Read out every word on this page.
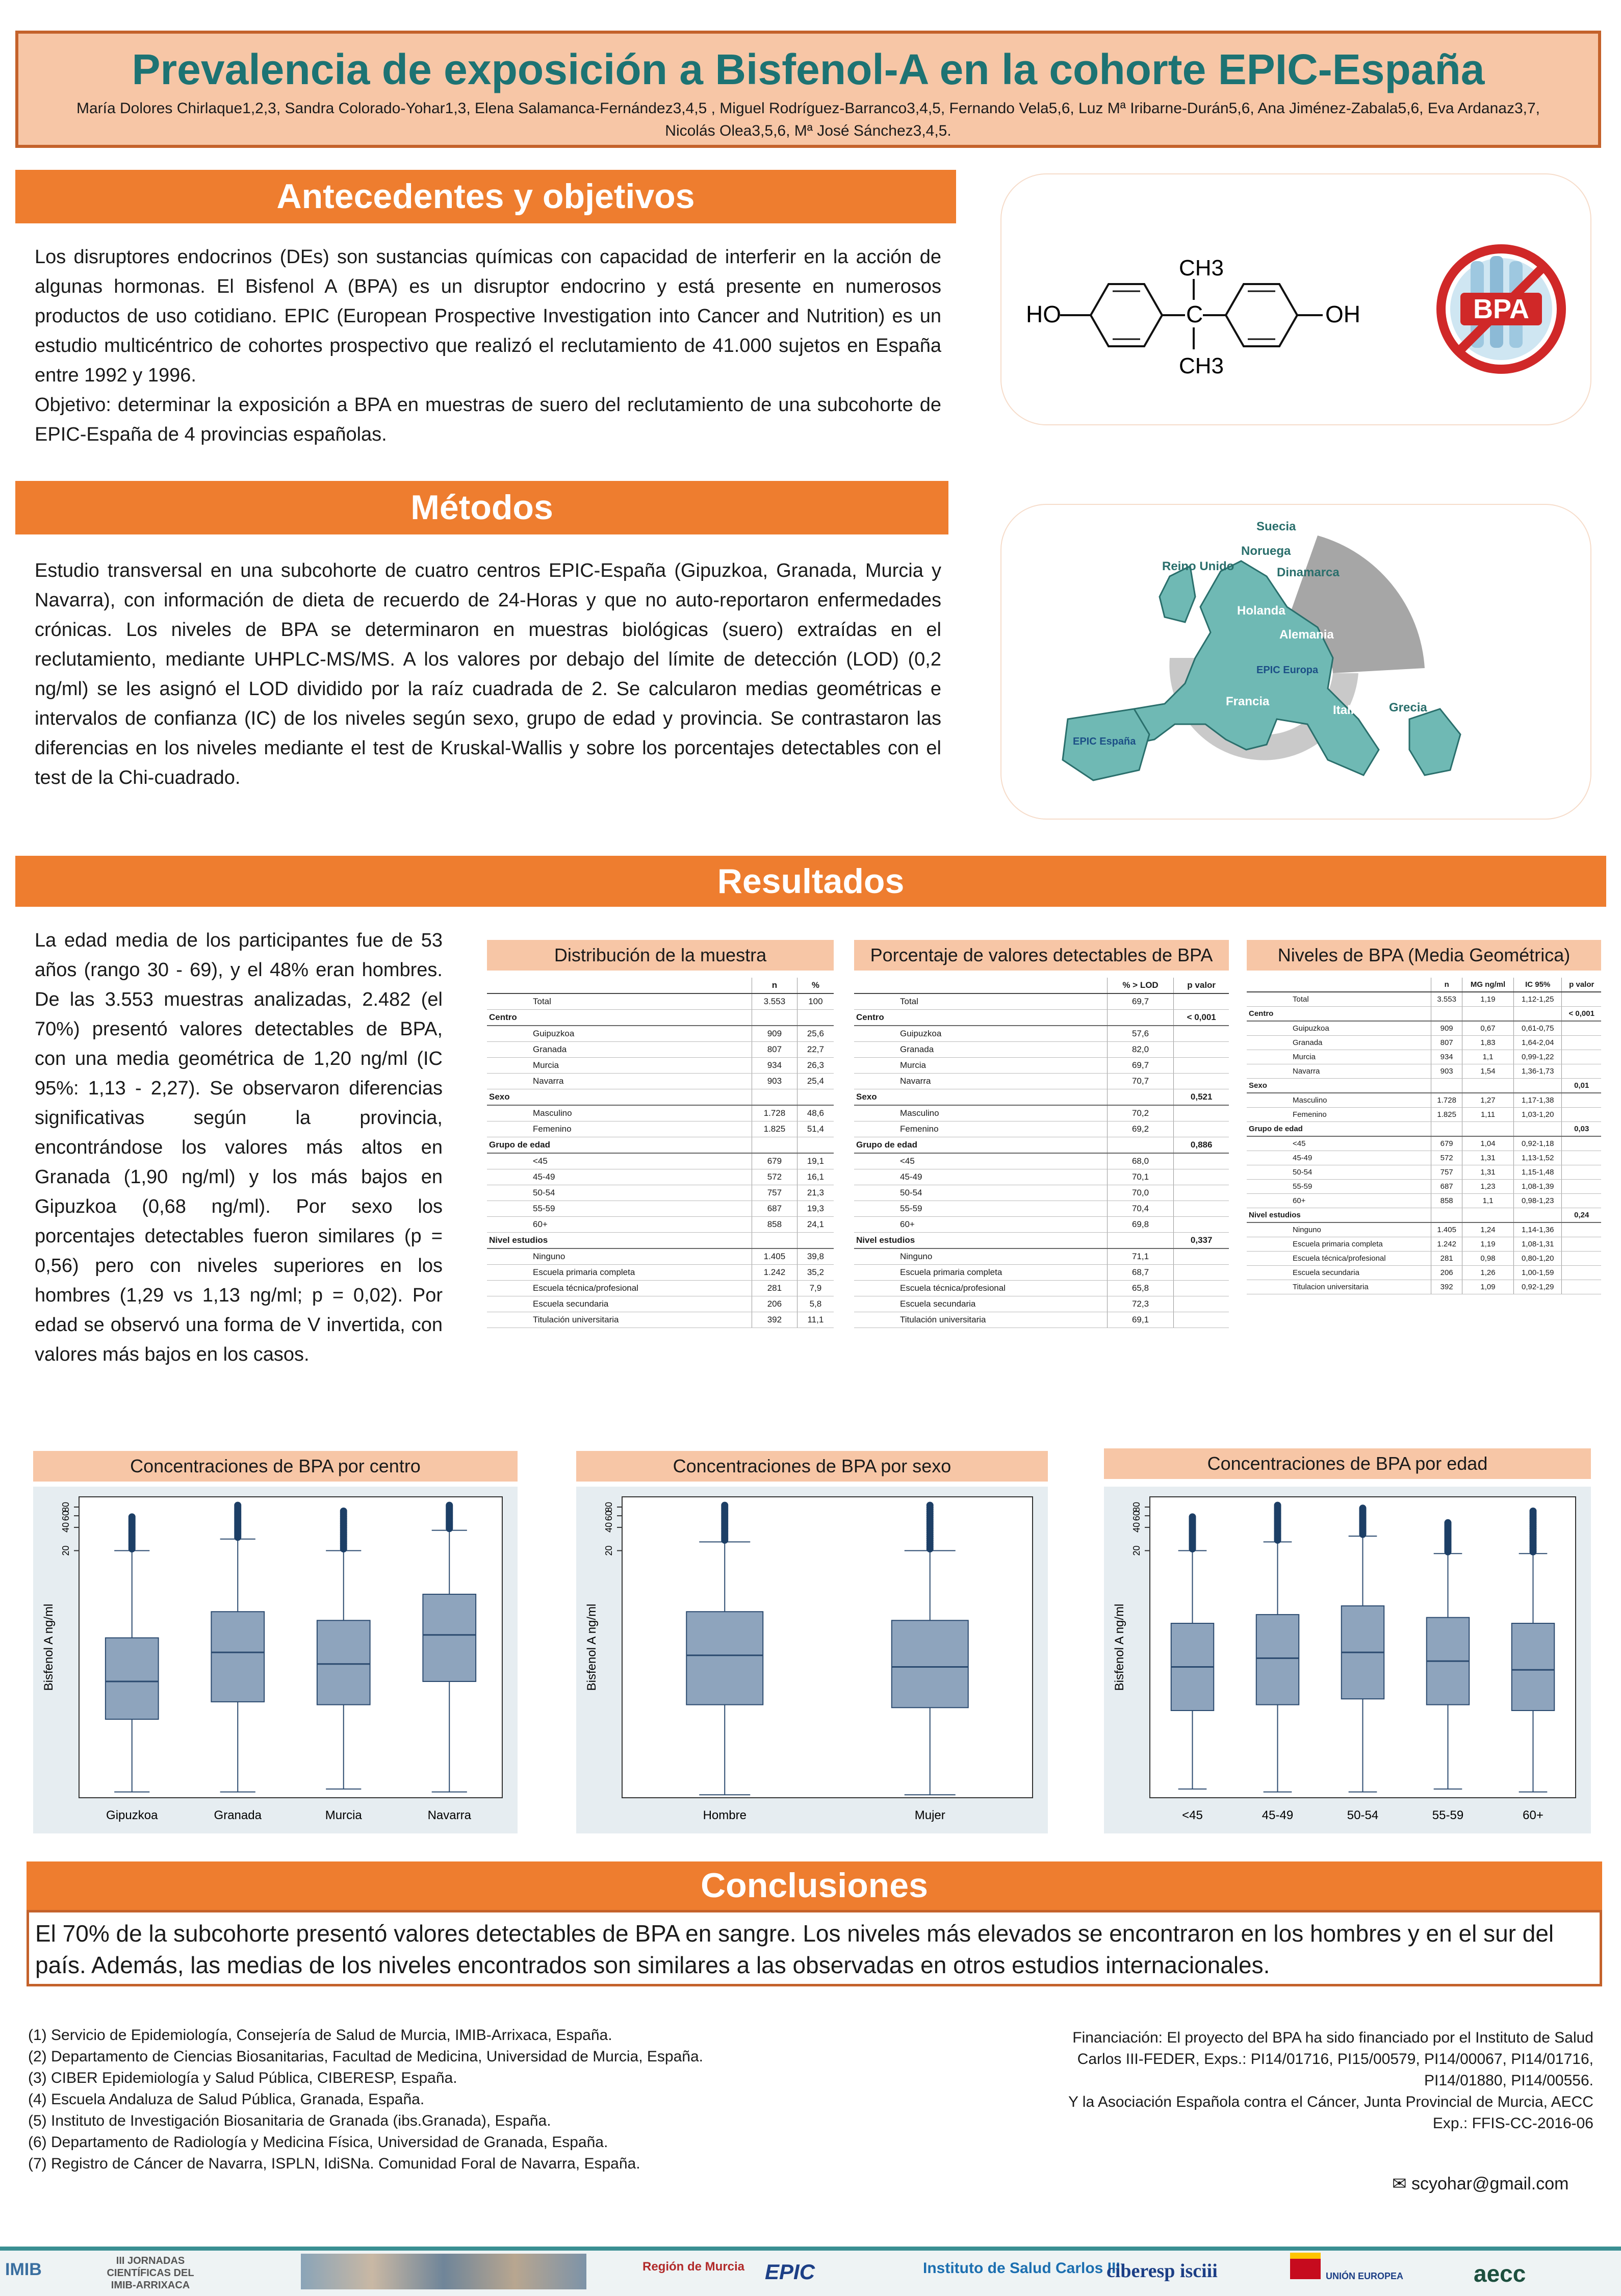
Prevalencia de exposición a Bisfenol-A en la cohorte EPIC-España
María Dolores Chirlaque1,2,3, Sandra Colorado-Yohar1,3, Elena Salamanca-Fernández3,4,5 , Miguel Rodríguez-Barranco3,4,5, Fernando Vela5,6, Luz Mª Iribarne-Durán5,6, Ana Jiménez-Zabala5,6, Eva Ardanaz3,7,
Nicolás Olea3,5,6, Mª José Sánchez3,4,5.
Antecedentes y objetivos
Los disruptores endocrinos (DEs) son sustancias químicas con capacidad de interferir en la acción de algunas hormonas. El Bisfenol A (BPA) es un disruptor endocrino y está presente en numerosos productos de uso cotidiano. EPIC (European Prospective Investigation into Cancer and Nutrition) es un estudio multicéntrico de cohortes prospectivo que realizó el reclutamiento de 41.000 sujetos en España entre 1992 y 1996.
Objetivo: determinar la exposición a BPA en muestras de suero del reclutamiento de una subcohorte de EPIC-España de 4 provincias españolas.
HO	C
CH3
CH3
OH	BPA
Métodos
Estudio transversal en una subcohorte de cuatro centros EPIC-España (Gipuzkoa, Granada, Murcia y Navarra), con información de dieta de recuerdo de 24-Horas y que no auto-reportaron enfermedades crónicas. Los niveles de BPA se determinaron en muestras biológicas (suero) extraídas en el reclutamiento, mediante UHPLC-MS/MS. A los valores por debajo del límite de detección (LOD) (0,2 ng/ml) se les asignó el LOD dividido por la raíz cuadrada de 2. Se calcularon medias geométricas e intervalos de confianza (IC) de los niveles según sexo, grupo de edad y provincia. Se contrastaron las diferencias en los niveles mediante el test de Kruskal-Wallis y sobre los porcentajes detectables con el test de la Chi-cuadrado.
Suecia
Noruega
Reino Unido	Dinamarca
Holanda
Alemania
EPIC Europa
Francia
Italia Grecia
EPIC España
Resultados
La edad media de los participantes fue de 53 años (rango 30 - 69), y el 48% eran hombres. De las 3.553 muestras analizadas, 2.482 (el 70%) presentó valores detectables de BPA, con una media geométrica de 1,20 ng/ml (IC 95%: 1,13 - 2,27). Se observaron diferencias significativas según la provincia, encontrándose los valores más altos en Granada (1,90 ng/ml) y los más bajos en Gipuzkoa (0,68 ng/ml). Por sexo los porcentajes detectables fueron similares (p = 0,56) pero con niveles superiores en los hombres (1,29 vs 1,13 ng/ml; p = 0,02). Por edad se observó una forma de V invertida, con valores más bajos en los casos.
Distribución de la muestra
	n	%
Total	3.553	100
Centro		
Guipuzkoa	909	25,6
Granada	807	22,7
Murcia	934	26,3
Navarra	903	25,4
Sexo		
Masculino	1.728	48,6
Femenino	1.825	51,4
Grupo de edad		
<45	679	19,1
45-49	572	16,1
50-54	757	21,3
55-59	687	19,3
60+	858	24,1
Nivel estudios		
Ninguno	1.405	39,8
Escuela primaria completa	1.242	35,2
Escuela técnica/profesional	281	7,9
Escuela secundaria	206	5,8
Titulación universitaria	392	11,1
Porcentaje de valores detectables de BPA
	% > LOD	p valor
Total	69,7	
Centro		< 0,001
Guipuzkoa	57,6	
Granada	82,0	
Murcia	69,7	
Navarra	70,7	
Sexo		0,521
Masculino	70,2	
Femenino	69,2	
Grupo de edad		0,886
<45	68,0	
45-49	70,1	
50-54	70,0	
55-59	70,4	
60+	69,8	
Nivel estudios		0,337
Ninguno	71,1	
Escuela primaria completa	68,7	
Escuela técnica/profesional	65,8	
Escuela secundaria	72,3	
Titulación universitaria	69,1	
Niveles de BPA (Media Geométrica)
	n	MG ng/ml	IC 95%	p valor
Total	3.553	1,19	1,12-1,25	
Centro				< 0,001
Guipuzkoa	909	0,67	0,61-0,75	
Granada	807	1,83	1,64-2,04	
Murcia	934	1,1	0,99-1,22	
Navarra	903	1,54	1,36-1,73	
Sexo				0,01
Masculino	1.728	1,27	1,17-1,38	
Femenino	1.825	1,11	1,03-1,20	
Grupo de edad				0,03
<45	679	1,04	0,92-1,18	
45-49	572	1,31	1,13-1,52	
50-54	757	1,31	1,15-1,48	
55-59	687	1,23	1,08-1,39	
60+	858	1,1	0,98-1,23	
Nivel estudios				0,24
Ninguno	1.405	1,24	1,14-1,36	
Escuela primaria completa	1.242	1,19	1,08-1,31	
Escuela técnica/profesional	281	0,98	0,80-1,20	
Escuela secundaria	206	1,26	1,00-1,59	
Titulacion universitaria	392	1,09	0,92-1,29	
Concentraciones de BPA por centro
Bisfenol A ng/ml
20
40
60
80
Gipuzkoa	Granada	Murcia	Navarra
Concentraciones de BPA por sexo
Bisfenol A ng/ml
20
40
60
80
Hombre	Mujer
Concentraciones de BPA por edad
Bisfenol A ng/ml
20
40
60
80
<45	45-49	50-54	55-59	60+
Conclusiones
El 70% de la subcohorte presentó valores detectables de BPA en sangre. Los niveles más elevados se encontraron en los hombres y en el sur del país. Además, las medias de los niveles encontrados son similares a las observadas en otros estudios internacionales.
(1) Servicio de Epidemiología, Consejería de Salud de Murcia, IMIB-Arrixaca, España.
(2) Departamento de Ciencias Biosanitarias, Facultad de Medicina, Universidad de Murcia, España.
(3) CIBER Epidemiología y Salud Pública, CIBERESP, España.
(4) Escuela Andaluza de Salud Pública, Granada, España.
(5) Instituto de Investigación Biosanitaria de Granada (ibs.Granada), España.
(6) Departamento de Radiología y Medicina Física, Universidad de Granada, España.
(7) Registro de Cáncer de Navarra, ISPLN, IdiSNa. Comunidad Foral de Navarra, España.
Financiación: El proyecto del BPA ha sido financiado por el Instituto de Salud
Carlos III-FEDER, Exps.: PI14/01716, PI15/00579, PI14/00067, PI14/01716,
PI14/01880, PI14/00556.
Y la Asociación Española contra el Cáncer, Junta Provincial de Murcia, AECC
Exp.: FFIS-CC-2016-06
✉ scyohar@gmail.com
IMIB	III JORNADAS CIENTÍFICAS DEL IMIB-ARRIXACA
Región de Murcia EPIC	Instituto de Salud Carlos III
ciberesp isciii	UNIÓN EUROPEA	aecc
